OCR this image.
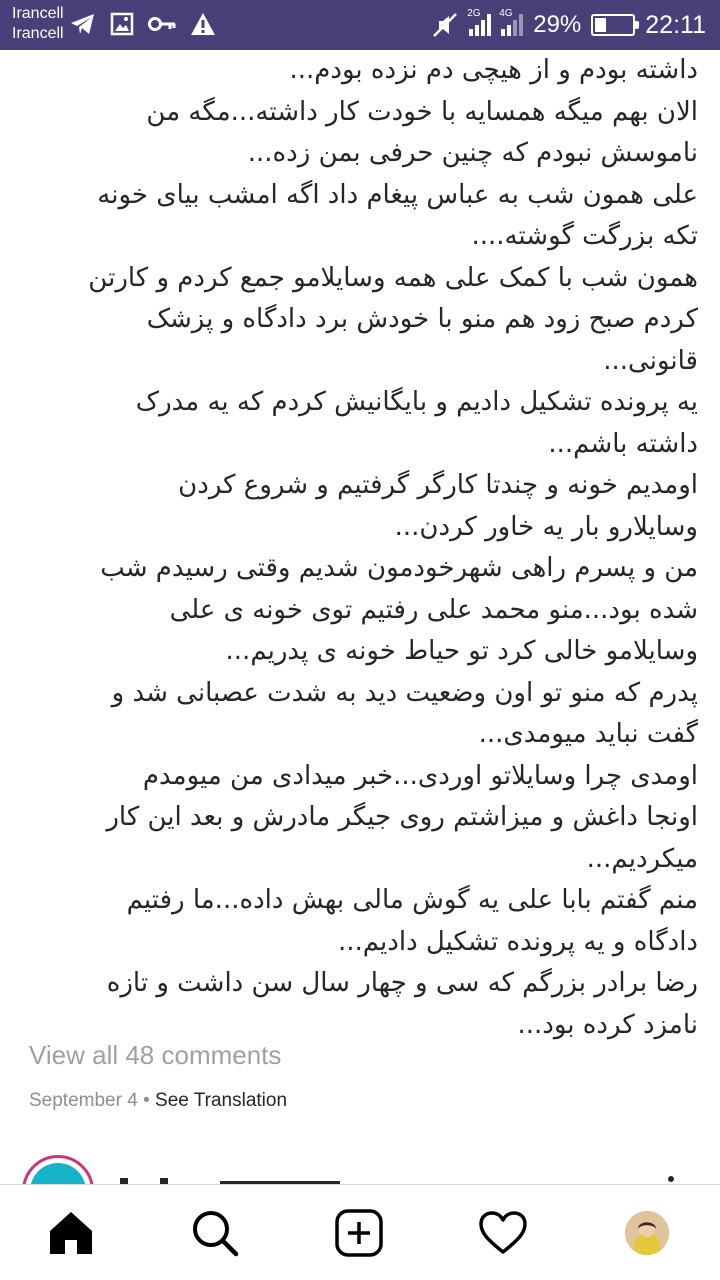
Irancell
Irancell
2G 4G 29%	22:11

داشته بودم و از هیچی دم نزده بودم...

الان بهم میگه همسایه با خودت کار داشته...مگه من

ناموسش نبودم که چنین حرفی بمن زده...

علی همون شب به عباس پیغام داد اگه امشب بیای خونه

تکه بزرگت گوشته....

همون شب با کمک علی همه وسایلامو جمع کردم و کارتن

کردم صبح زود هم منو با خودش برد دادگاه و پزشک

قانونی...

یه پرونده تشکیل دادیم و بایگانیش کردم که یه مدرک

داشته باشم...

اومدیم خونه و چندتا کارگر گرفتیم و شروع کردن

وسایلارو بار یه خاور کردن...

من و پسرم راهی شهرخودمون شدیم وقتی رسیدم شب

شده بود...منو محمد علی رفتیم توی خونه ی علی

وسایلامو خالی کرد تو حیاط خونه ی پدریم...

پدرم که منو تو اون وضعیت دید به شدت عصبانی شد و

گفت نباید میومدی...

اومدی چرا وسایلاتو اوردی...خبر میدادی من میومدم

اونجا داغش و میزاشتم روی جیگر مادرش و بعد این کار

میکردیم...

منم گفتم بابا علی یه گوش مالی بهش داده...ما رفتیم

دادگاه و یه پرونده تشکیل دادیم...

رضا برادر بزرگم که سی و چهار سال سن داشت و تازه

نامزد کرده بود...

View all 48 comments
September 4 • See Translation
